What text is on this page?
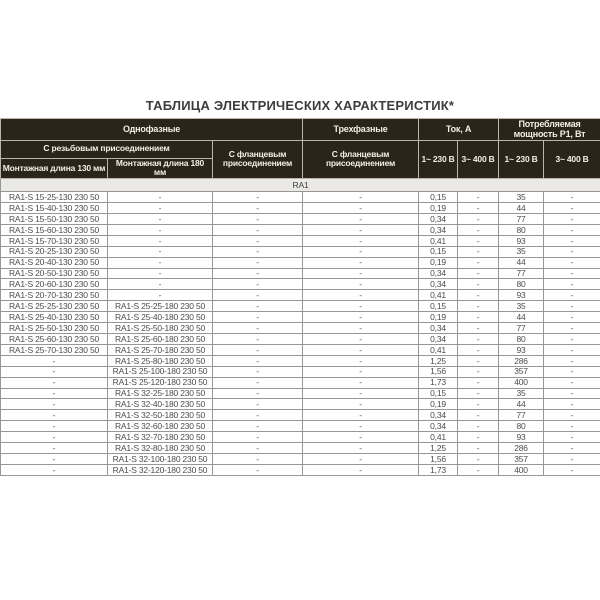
ТАБЛИЦА ЭЛЕКТРИЧЕСКИХ ХАРАКТЕРИСТИК*
Однофазные			Трехфазные	Ток, А		Потребляемая мощность P1, Вт	
С резьбовым присоединением		С фланцевым присоединением	С фланцевым присоединением	1~ 230 В	3~ 400 В	1~ 230 В	3~ 400 В
Монтажная длина 130 мм	Монтажная длина 180 мм						
RA1							
RA1-S 15-25-130 230 50	-	-	-	0,15	-	35	-
RA1-S 15-40-130 230 50	-	-	-	0,19	-	44	-
RA1-S 15-50-130 230 50	-	-	-	0,34	-	77	-
RA1-S 15-60-130 230 50	-	-	-	0,34	-	80	-
RA1-S 15-70-130 230 50	-	-	-	0,41	-	93	-
RA1-S 20-25-130 230 50	-	-	-	0,15	-	35	-
RA1-S 20-40-130 230 50	-	-	-	0,19	-	44	-
RA1-S 20-50-130 230 50	-	-	-	0,34	-	77	-
RA1-S 20-60-130 230 50	-	-	-	0,34	-	80	-
RA1-S 20-70-130 230 50	-	-	-	0,41	-	93	-
RA1-S 25-25-130 230 50	RA1-S 25-25-180 230 50	-	-	0,15	-	35	-
RA1-S 25-40-130 230 50	RA1-S 25-40-180 230 50	-	-	0,19	-	44	-
RA1-S 25-50-130 230 50	RA1-S 25-50-180 230 50	-	-	0,34	-	77	-
RA1-S 25-60-130 230 50	RA1-S 25-60-180 230 50	-	-	0,34	-	80	-
RA1-S 25-70-130 230 50	RA1-S 25-70-180 230 50	-	-	0,41	-	93	-
-	RA1-S 25-80-180 230 50	-	-	1,25	-	286	-
-	RA1-S 25-100-180 230 50	-	-	1,56	-	357	-
-	RA1-S 25-120-180 230 50	-	-	1,73	-	400	-
-	RA1-S 32-25-180 230 50	-	-	0,15	-	35	-
-	RA1-S 32-40-180 230 50	-	-	0,19	-	44	-
-	RA1-S 32-50-180 230 50	-	-	0,34	-	77	-
-	RA1-S 32-60-180 230 50	-	-	0,34	-	80	-
-	RA1-S 32-70-180 230 50	-	-	0,41	-	93	-
-	RA1-S 32-80-180 230 50	-	-	1,25	-	286	-
-	RA1-S 32-100-180 230 50	-	-	1,56	-	357	-
-	RA1-S 32-120-180 230 50	-	-	1,73	-	400	-
